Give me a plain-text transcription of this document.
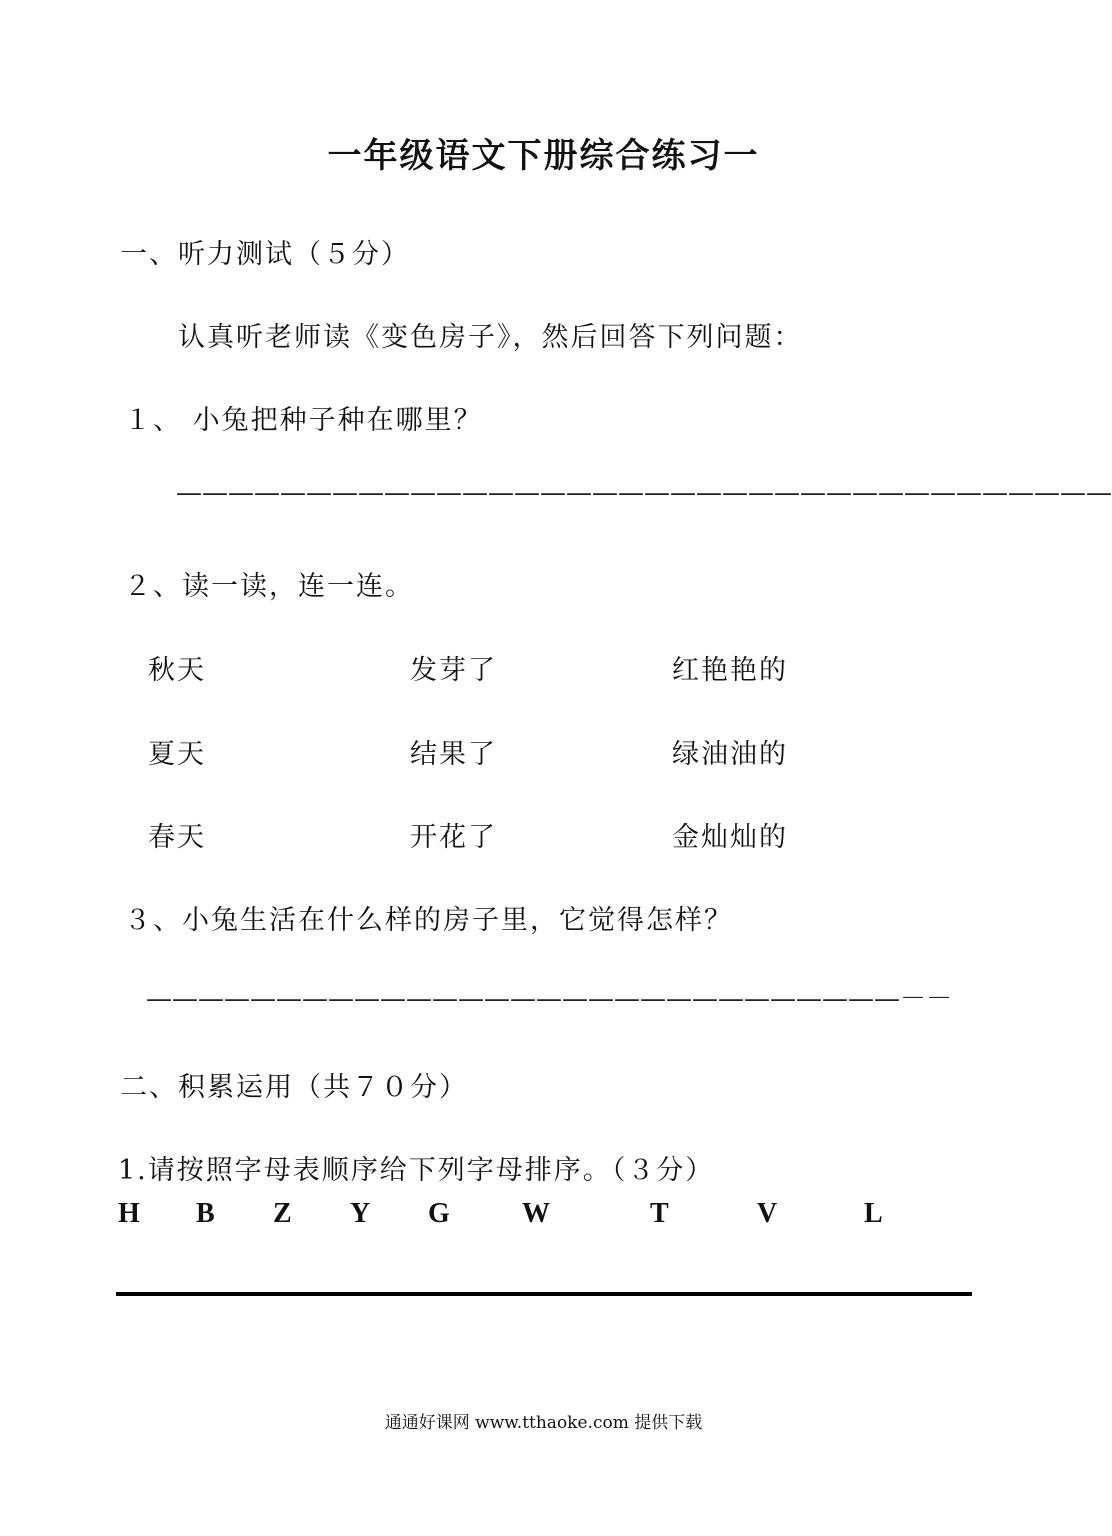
一年级语文下册综合练习一
一、听力测试（５分）
认真听老师读《变色房子》，然后回答下列问题：
１、 小兔把种子种在哪里？
————————————————————————————————————
２、读一读，连一连。
秋天	发芽了	红艳艳的
夏天	结果了	绿油油的
春天	开花了	金灿灿的
３、小兔生活在什么样的房子里，它觉得怎样？
—————————————————————————————－－
二、积累运用（共７０分）
1.请按照字母表顺序给下列字母排序。（３分）
H B Z Y G	W	T	V	L
通通好课网 www.tthaoke.com 提供下载
